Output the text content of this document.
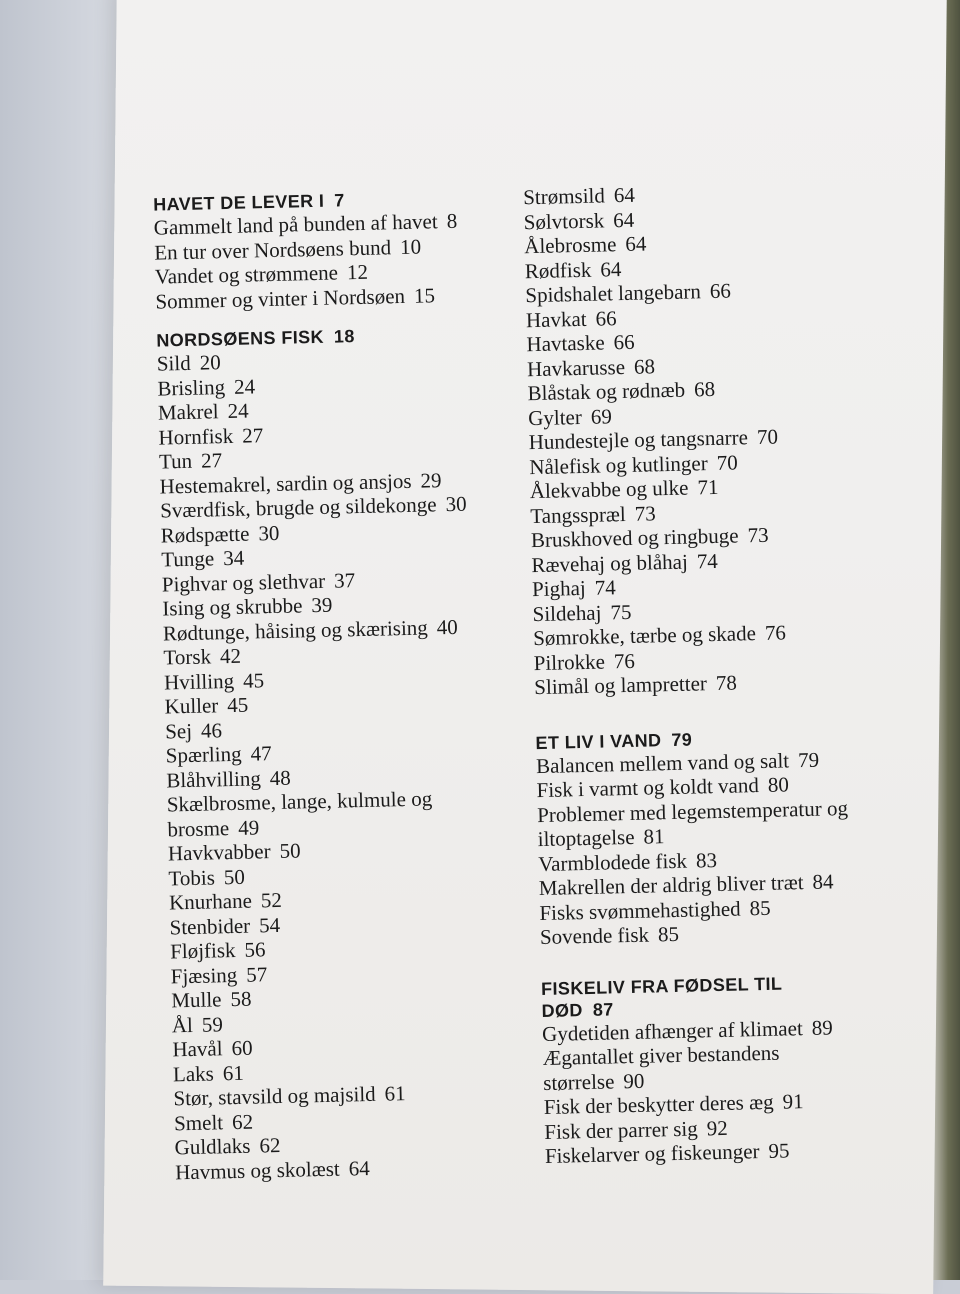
HAVET DE LEVER I 7
Gammelt land på bunden af havet 8
En tur over Nordsøens bund 10
Vandet og strømmene 12
Sommer og vinter i Nordsøen 15
NORDSØENS FISK 18
Sild 20
Brisling 24
Makrel 24
Hornfisk 27
Tun 27
Hestemakrel, sardin og ansjos 29
Sværdfisk, brugde og sildekonge 30
Rødspætte 30
Tunge 34
Pighvar og slethvar 37
Ising og skrubbe 39
Rødtunge, håising og skærising 40
Torsk 42
Hvilling 45
Kuller 45
Sej 46
Spærling 47
Blåhvilling 48
Skælbrosme, lange, kulmule og brosme 49
Havkvabber 50
Tobis 50
Knurhane 52
Stenbider 54
Fløjfisk 56
Fjæsing 57
Mulle 58
Ål 59
Havål 60
Laks 61
Stør, stavsild og majsild 61
Smelt 62
Guldlaks 62
Havmus og skolæst 64
Strømsild 64
Sølvtorsk 64
Ålebrosme 64
Rødfisk 64
Spidshalet langebarn 66
Havkat 66
Havtaske 66
Havkarusse 68
Blåstak og rødnæb 68
Gylter 69
Hundestejle og tangsnarre 70
Nålefisk og kutlinger 70
Ålekvabbe og ulke 71
Tangsspræl 73
Bruskhoved og ringbuge 73
Rævehaj og blåhaj 74
Pighaj 74
Sildehaj 75
Sømrokke, tærbe og skade 76
Pilrokke 76
Slimål og lampretter 78
ET LIV I VAND 79
Balancen mellem vand og salt 79
Fisk i varmt og koldt vand 80
Problemer med legemstemperatur og iltoptagelse 81
Varmblodede fisk 83
Makrellen der aldrig bliver træt 84
Fisks svømmehastighed 85
Sovende fisk 85
FISKELIV FRA FØDSEL TIL DØD 87
Gydetiden afhænger af klimaet 89
Ægantallet giver bestandens størrelse 90
Fisk der beskytter deres æg 91
Fisk der parrer sig 92
Fiskelarver og fiskeunger 95
